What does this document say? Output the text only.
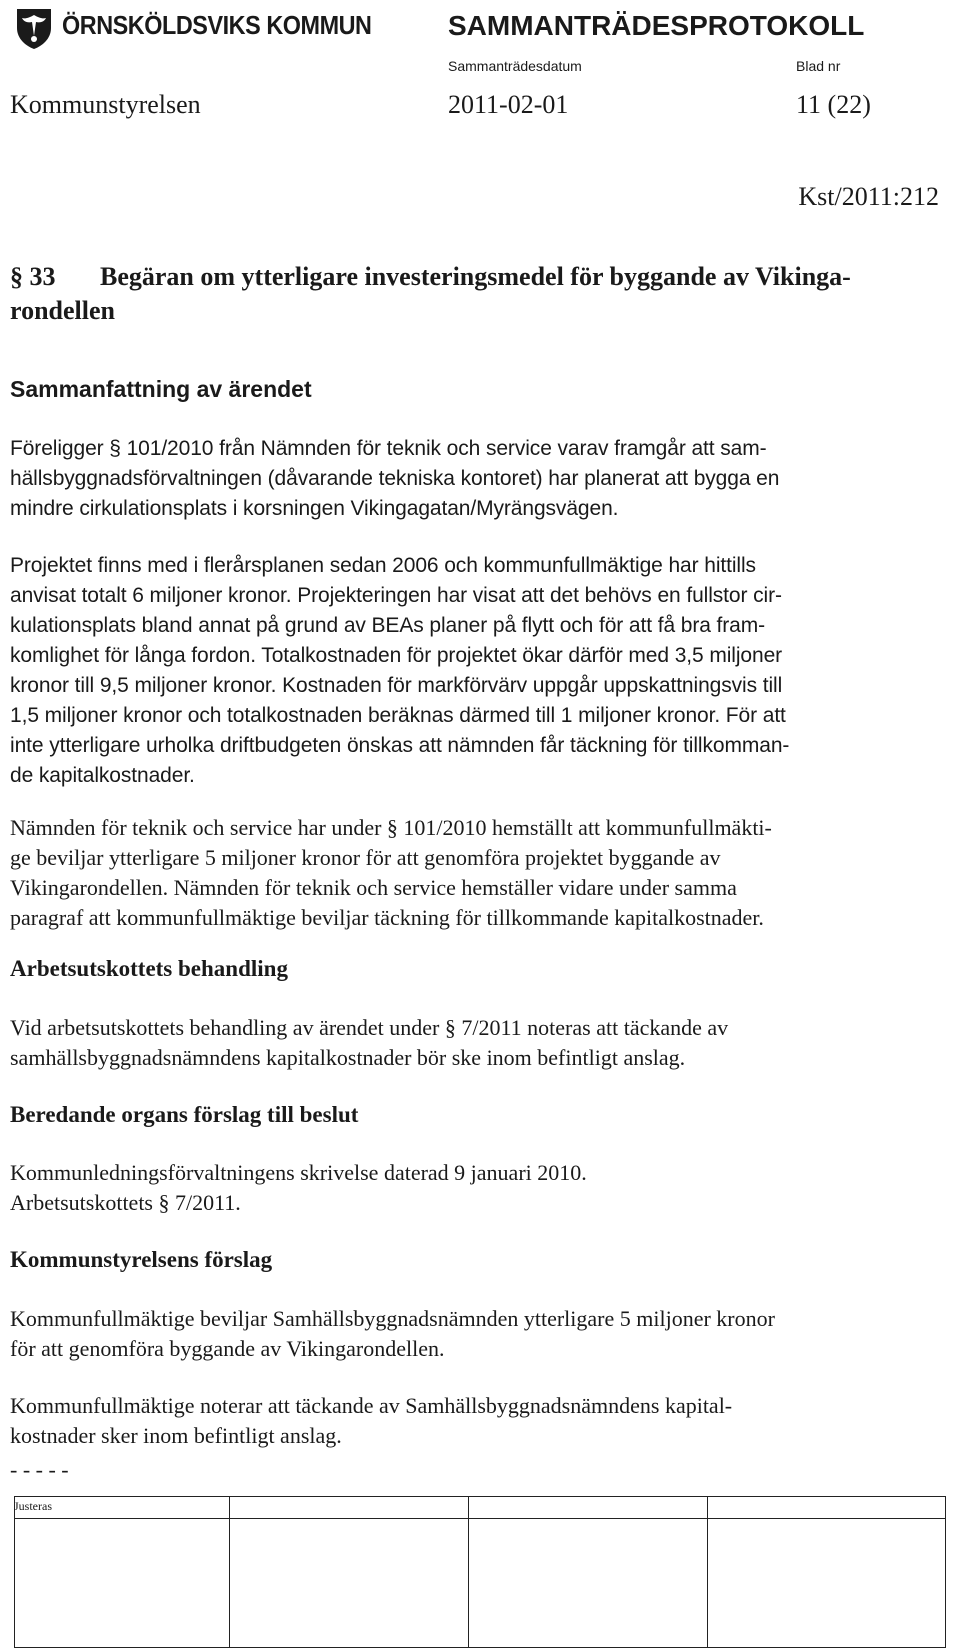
ÖRNSKÖLDSVIKS KOMMUN	SAMMANTRÄDESPROTOKOLL
Sammanträdesdatum	Blad nr
Kommunstyrelsen	2011-02-01	11 (22)
Kst/2011:212
§ 33 Begäran om ytterligare investeringsmedel för byggande av Vikinga-
rondellen
Sammanfattning av ärendet
Föreligger § 101/2010 från Nämnden för teknik och service varav framgår att sam-
hällsbyggnadsförvaltningen (dåvarande tekniska kontoret) har planerat att bygga en
mindre cirkulationsplats i korsningen Vikingagatan/Myrängsvägen.
Projektet finns med i flerårsplanen sedan 2006 och kommunfullmäktige har hittills
anvisat totalt 6 miljoner kronor. Projekteringen har visat att det behövs en fullstor cir-
kulationsplats bland annat på grund av BEAs planer på flytt och för att få bra fram-
komlighet för långa fordon. Totalkostnaden för projektet ökar därför med 3,5 miljoner
kronor till 9,5 miljoner kronor. Kostnaden för markförvärv uppgår uppskattningsvis till
1,5 miljoner kronor och totalkostnaden beräknas därmed till 1 miljoner kronor. För att
inte ytterligare urholka driftbudgeten önskas att nämnden får täckning för tillkomman-
de kapitalkostnader.
Nämnden för teknik och service har under § 101/2010 hemställt att kommunfullmäkti-
ge beviljar ytterligare 5 miljoner kronor för att genomföra projektet byggande av
Vikingarondellen. Nämnden för teknik och service hemställer vidare under samma
paragraf att kommunfullmäktige beviljar täckning för tillkommande kapitalkostnader.
Arbetsutskottets behandling
Vid arbetsutskottets behandling av ärendet under § 7/2011 noteras att täckande av
samhällsbyggnadsnämndens kapitalkostnader bör ske inom befintligt anslag.
Beredande organs förslag till beslut
Kommunledningsförvaltningens skrivelse daterad 9 januari 2010.
Arbetsutskottets § 7/2011.
Kommunstyrelsens förslag
Kommunfullmäktige beviljar Samhällsbyggnadsnämnden ytterligare 5 miljoner kronor
för att genomföra byggande av Vikingarondellen.
Kommunfullmäktige noterar att täckande av Samhällsbyggnadsnämndens kapital-
kostnader sker inom befintligt anslag.
- - - - -

Justeras
